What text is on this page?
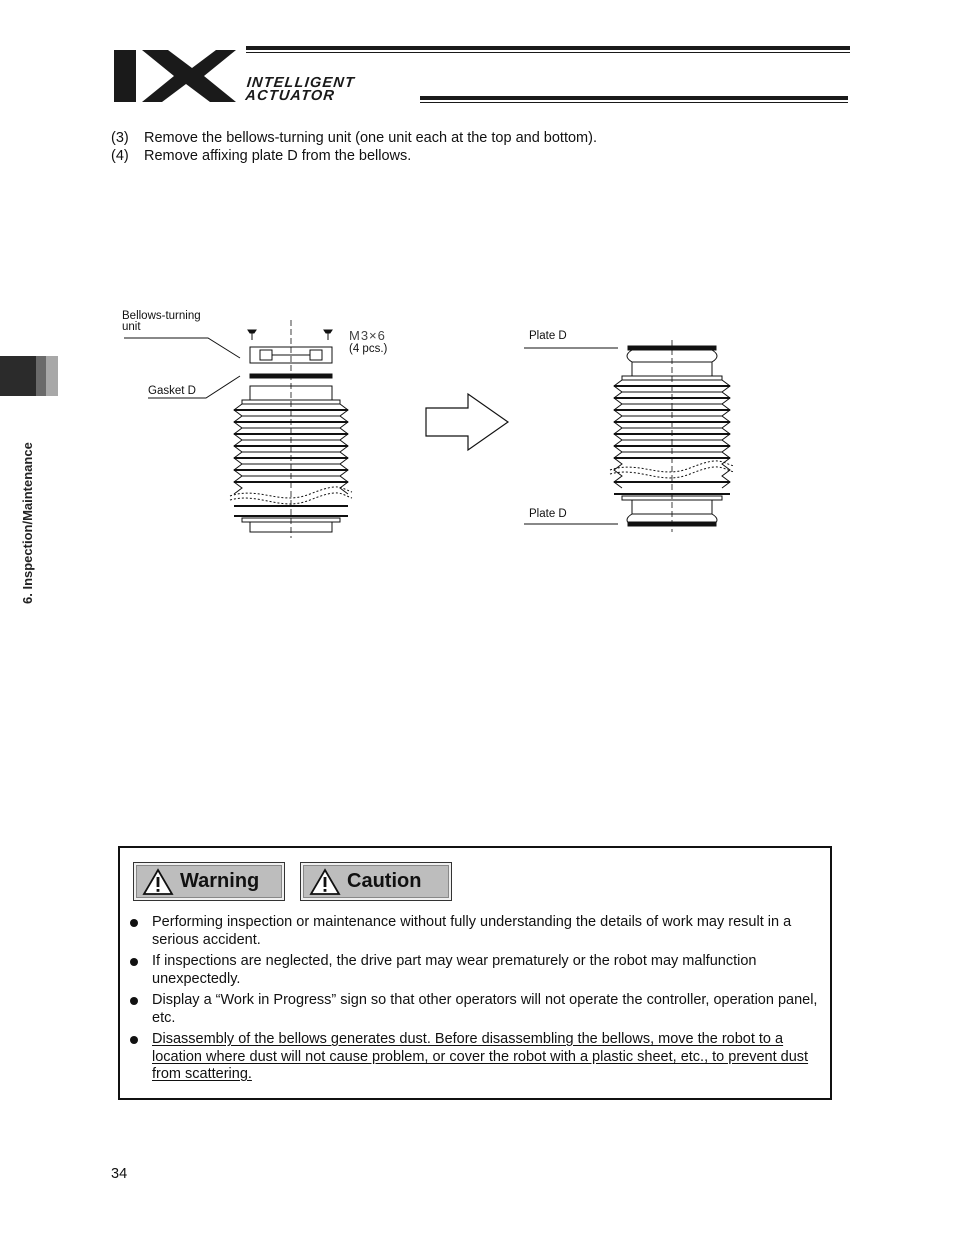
INTELLIGENT
ACTUATOR
6. Inspection/Maintenance
(3) Remove the bellows-turning unit (one unit each at the top and bottom).
(4) Remove affixing plate D from the bellows.
Bellows-turning
unit
M3×6
(4 pcs.)
Gasket D
Plate D
Plate D
Warning	Caution
Performing inspection or maintenance without fully understanding the details of work may result in a serious accident.
If inspections are neglected, the drive part may wear prematurely or the robot may malfunction unexpectedly.
Display a “Work in Progress” sign so that other operators will not operate the controller, operation panel, etc.
Disassembly of the bellows generates dust. Before disassembling the bellows, move the robot to a location where dust will not cause problem, or cover the robot with a plastic sheet, etc., to prevent dust from scattering.
34
